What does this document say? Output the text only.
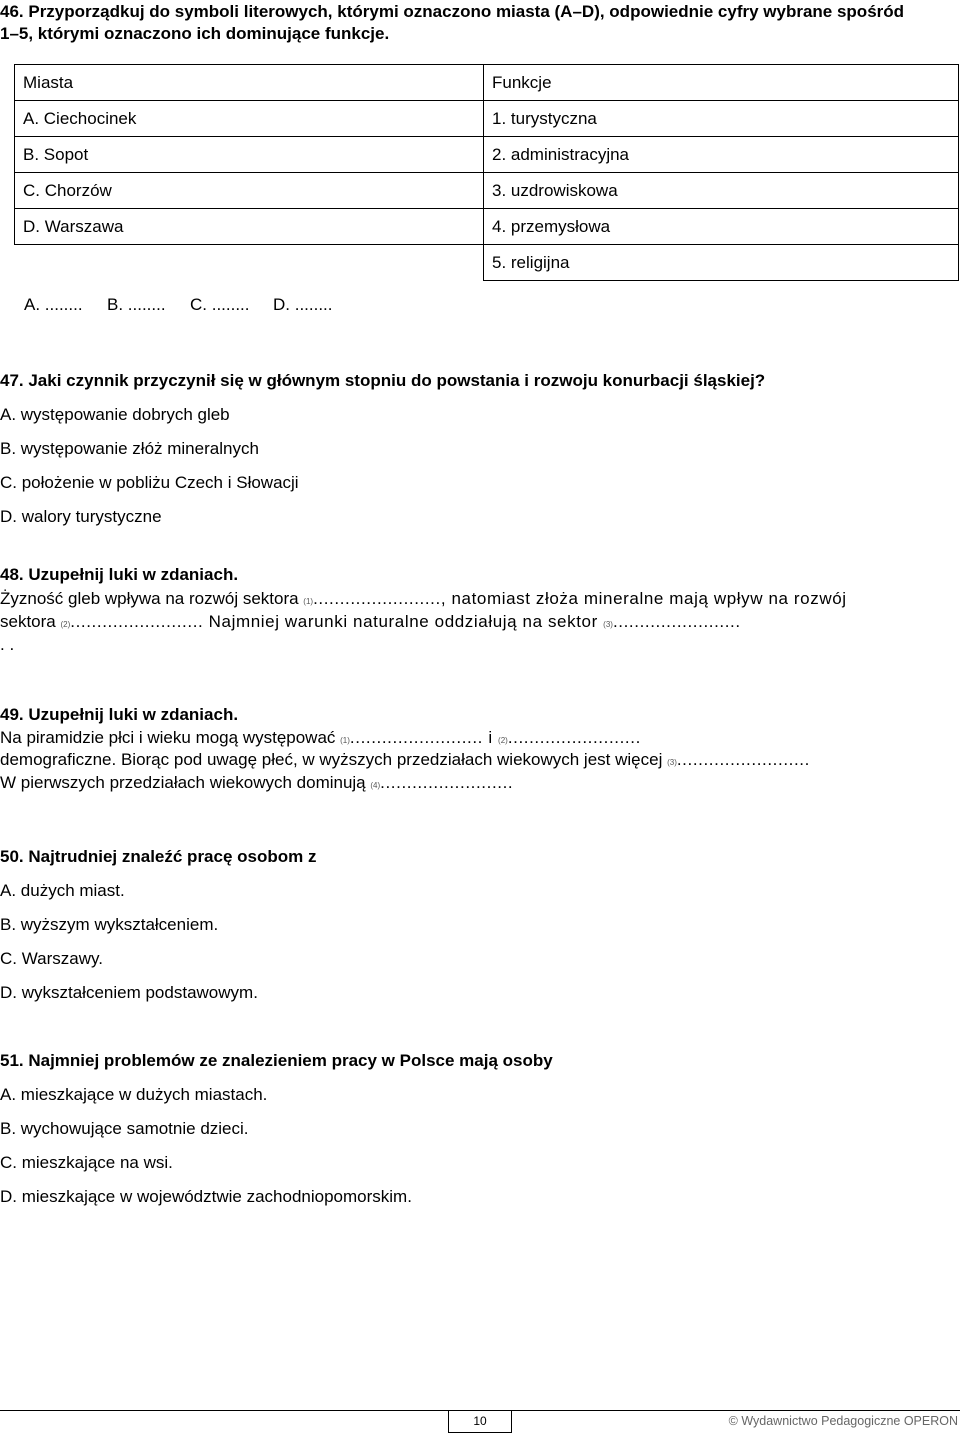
46. Przyporządkuj do symboli literowych, którymi oznaczono miasta (A–D), odpowiednie cyfry wybrane spośród
1–5, którymi oznaczono ich dominujące funkcje.
Miasta	Funkcje
A. Ciechocinek	1. turystyczna
B. Sopot	2. administracyjna
C. Chorzów	3. uzdrowiskowa
D. Warszawa	4. przemysłowa
	5. religijna
A. ........ B. ........ C. ........ D. ........
47. Jaki czynnik przyczynił się w głównym stopniu do powstania i rozwoju konurbacji śląskiej?
A. występowanie dobrych gleb
B. występowanie złóż mineralnych
C. położenie w pobliżu Czech i Słowacji
D. walory turystyczne
48. Uzupełnij luki w zdaniach.
Żyzność gleb wpływa na rozwój sektora (1)........................, natomiast złoża mineralne mają wpływ na rozwój
sektora (2)......................... Najmniej warunki naturalne oddziałują na sektor (3)........................
. .
49. Uzupełnij luki w zdaniach.
Na piramidzie płci i wieku mogą występować (1)......................... i (2).........................
demograficzne. Biorąc pod uwagę płeć, w wyższych przedziałach wiekowych jest więcej (3).........................
W pierwszych przedziałach wiekowych dominują (4).........................
50. Najtrudniej znaleźć pracę osobom z
A. dużych miast.
B. wyższym wykształceniem.
C. Warszawy.
D. wykształceniem podstawowym.
51. Najmniej problemów ze znalezieniem pracy w Polsce mają osoby
A. mieszkające w dużych miastach.
B. wychowujące samotnie dzieci.
C. mieszkające na wsi.
D. mieszkające w województwie zachodniopomorskim.
10	© Wydawnictwo Pedagogiczne OPERON
